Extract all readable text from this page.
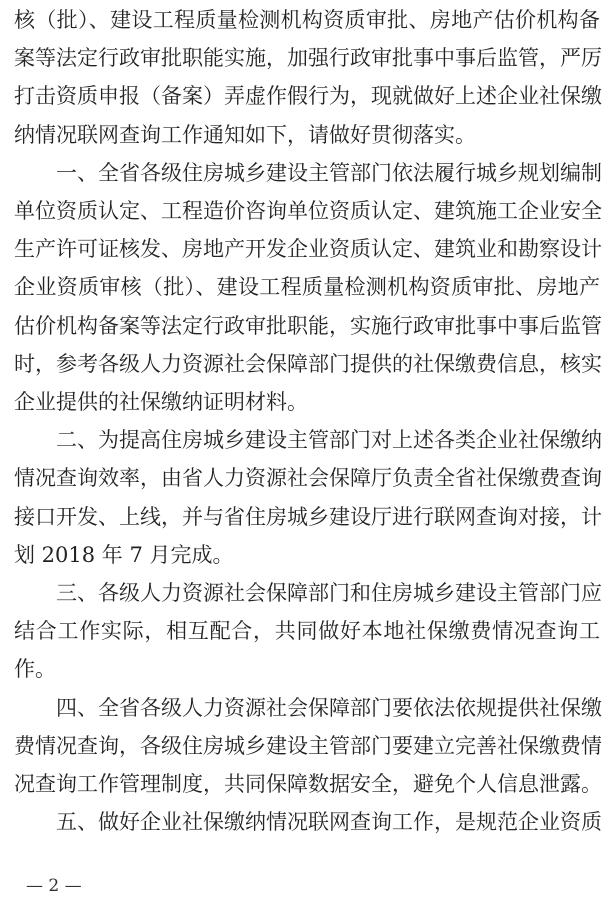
核（批）、建设工程质量检测机构资质审批、房地产估价机构备
案等法定行政审批职能实施，加强行政审批事中事后监管，严厉
打击资质申报（备案）弄虚作假行为，现就做好上述企业社保缴
纳情况联网查询工作通知如下，请做好贯彻落实。
　　一、全省各级住房城乡建设主管部门依法履行城乡规划编制
单位资质认定、工程造价咨询单位资质认定、建筑施工企业安全
生产许可证核发、房地产开发企业资质认定、建筑业和勘察设计
企业资质审核（批）、建设工程质量检测机构资质审批、房地产
估价机构备案等法定行政审批职能，实施行政审批事中事后监管
时，参考各级人力资源社会保障部门提供的社保缴费信息，核实
企业提供的社保缴纳证明材料。
　　二、为提高住房城乡建设主管部门对上述各类企业社保缴纳
情况查询效率，由省人力资源社会保障厅负责全省社保缴费查询
接口开发、上线，并与省住房城乡建设厅进行联网查询对接，计
划 2018 年 7 月完成。
　　三、各级人力资源社会保障部门和住房城乡建设主管部门应
结合工作实际，相互配合，共同做好本地社保缴费情况查询工
作。
　　四、全省各级人力资源社会保障部门要依法依规提供社保缴
费情况查询，各级住房城乡建设主管部门要建立完善社保缴费情
况查询工作管理制度，共同保障数据安全，避免个人信息泄露。
　　五、做好企业社保缴纳情况联网查询工作，是规范企业资质
— 2 —
